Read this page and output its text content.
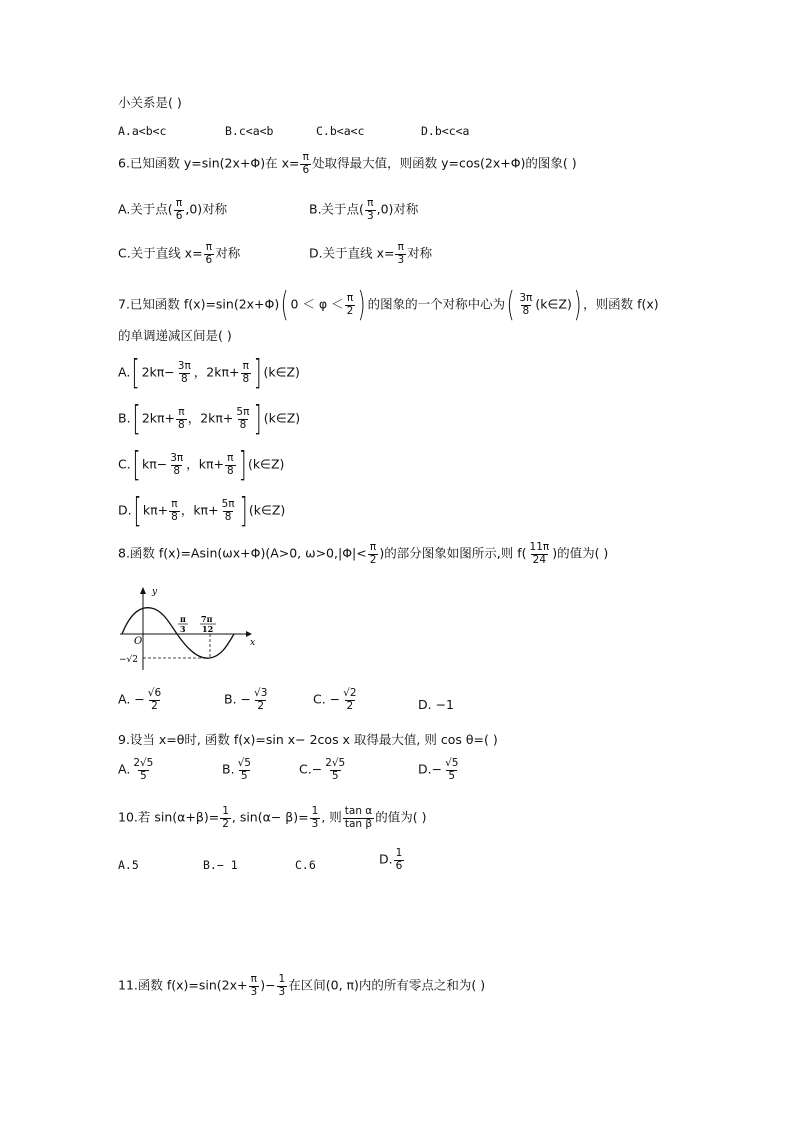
小关系是( )
A.a<b<c	B.c<a<b	C.b<a<c	D.b<c<a
6.已知函数 y=sin(2x+Φ)在 $x= \frac{\pi}{6}$ 处取得最大值，则函数 y=cos(2x+Φ)的图象( )
A.关于点( $\frac{\pi}{6} ,0$)对称	B.关于点( $\frac{\pi}{3} ,0$)对称
C.关于直线 $x= \frac{\pi}{6}$ 对称	D.关于直线 $x= \frac{\pi}{3}$ 对称
7.已知函数 f(x)=sin(2x+Φ)( $0 < \varphi < \frac{\pi}{2}$ ) 的图象的一个对称中心为( $\frac{3\pi}{8}$ (k∈Z)) ，则函数 f(x)
的单调递减区间是( )
A.[ $2k\pi- \frac{3\pi}{8}$ ，$2k\pi+ \frac{\pi}{8}$ ] (k∈Z)
B.[ $2k\pi+ \frac{\pi}{8}$ ，$2k\pi+ \frac{5\pi}{8}$ ] (k∈Z)
C.[ $k\pi- \frac{3\pi}{8}$ ，$k\pi+ \frac{\pi}{8}$ ] (k∈Z)
D.[ $k\pi+ \frac{\pi}{8}$ ，$k\pi+ \frac{5\pi}{8}$ ] (k∈Z)
8.函数 f(x)=Asin(ωx+Φ)(A>0, $\omega>0,|\Phi|< \frac{\pi}{2}$ )的部分图象如图所示,则 $f( \frac{11\pi}{24}$ )的值为( )
y
x
O
π
3
7π
12
−√2
A. − $\frac{√6}{2}$	B. − $\frac{√3}{2}$	C. − $\frac{√2}{2}$	D. −1
9.设当 x=θ时, 函数 f(x)=sin x− 2cos x 取得最大值, 则 cos θ=( )
A. $\frac{2√5}{5}$	B. $\frac{√5}{5}$	$C.- \frac{2√5}{5}$	$D.- \frac{√5}{5}$
10.若 $\sin(\alpha+\beta)= \frac{1}{2}$ , $\sin(\alpha- \beta)= \frac{1}{3}$ , 则 $\frac{\text{tan α}}{\text{tan β}}$ 的值为( )
A.5	B.− 1	C.6	D. $\frac{1}{6}$
11.函数 $f(x)=\sin(2x+ \frac{\pi}{3}$ )− $\frac{1}{3}$ 在区间(0, π)内的所有零点之和为( )
